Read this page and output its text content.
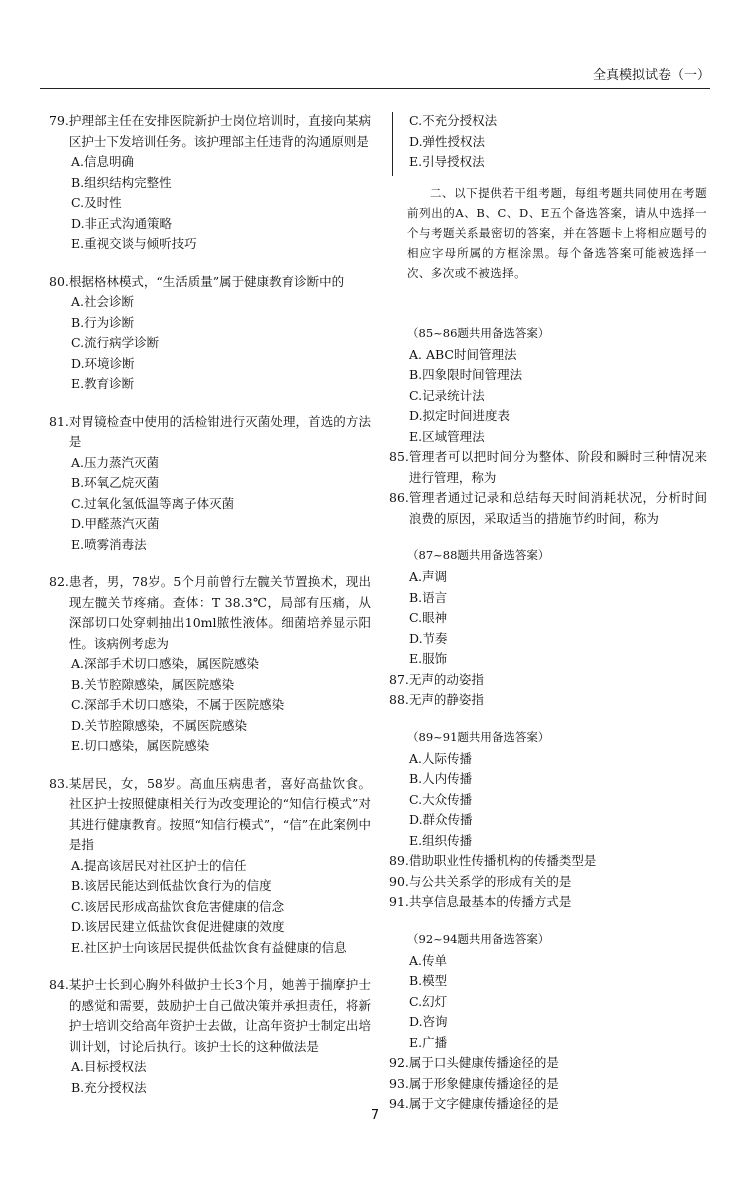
全真模拟试卷（一）
79. 护理部主任在安排医院新护士岗位培训时，直接向某病区护士下发培训任务。该护理部主任违背的沟通原则是
A.信息明确
B.组织结构完整性
C.及时性
D.非正式沟通策略
E.重视交谈与倾听技巧
80. 根据格林模式，“生活质量”属于健康教育诊断中的
A.社会诊断
B.行为诊断
C.流行病学诊断
D.环境诊断
E.教育诊断
81. 对胃镜检查中使用的活检钳进行灭菌处理，首选的方法是
A.压力蒸汽灭菌
B.环氧乙烷灭菌
C.过氧化氢低温等离子体灭菌
D.甲醛蒸汽灭菌
E.喷雾消毒法
82. 患者，男，78岁。5个月前曾行左髋关节置换术，现出现左髋关节疼痛。查体：T 38.3℃，局部有压痛，从深部切口处穿刺抽出10ml脓性液体。细菌培养显示阳性。该病例考虑为
A.深部手术切口感染，属医院感染
B.关节腔隙感染，属医院感染
C.深部手术切口感染，不属于医院感染
D.关节腔隙感染，不属医院感染
E.切口感染，属医院感染
83. 某居民，女，58岁。高血压病患者，喜好高盐饮食。社区护士按照健康相关行为改变理论的“知信行模式”对其进行健康教育。按照“知信行模式”，“信”在此案例中是指
A.提高该居民对社区护士的信任
B.该居民能达到低盐饮食行为的信度
C.该居民形成高盐饮食危害健康的信念
D.该居民建立低盐饮食促进健康的效度
E.社区护士向该居民提供低盐饮食有益健康的信息
84. 某护士长到心胸外科做护士长3个月，她善于揣摩护士的感觉和需要，鼓励护士自己做决策并承担责任，将新护士培训交给高年资护士去做，让高年资护士制定出培训计划，讨论后执行。该护士长的这种做法是
A.目标授权法
B.充分授权法
C.不充分授权法
D.弹性授权法
E.引导授权法
二、以下提供若干组考题，每组考题共同使用在考题前列出的A、B、C、D、E五个备选答案，请从中选择一个与考题关系最密切的答案，并在答题卡上将相应题号的相应字母所属的方框涂黑。每个备选答案可能被选择一次、多次或不被选择。
（85~86题共用备选答案）
A. ABC时间管理法
B.四象限时间管理法
C.记录统计法
D.拟定时间进度表
E.区域管理法
85. 管理者可以把时间分为整体、阶段和瞬时三种情况来进行管理，称为
86. 管理者通过记录和总结每天时间消耗状况，分析时间浪费的原因，采取适当的措施节约时间，称为
（87~88题共用备选答案）
A.声调
B.语言
C.眼神
D.节奏
E.服饰
87. 无声的动姿指
88. 无声的静姿指
（89~91题共用备选答案）
A.人际传播
B.人内传播
C.大众传播
D.群众传播
E.组织传播
89. 借助职业性传播机构的传播类型是
90. 与公共关系学的形成有关的是
91. 共享信息最基本的传播方式是
（92~94题共用备选答案）
A.传单
B.模型
C.幻灯
D.咨询
E.广播
92. 属于口头健康传播途径的是
93. 属于形象健康传播途径的是
94. 属于文字健康传播途径的是
7
